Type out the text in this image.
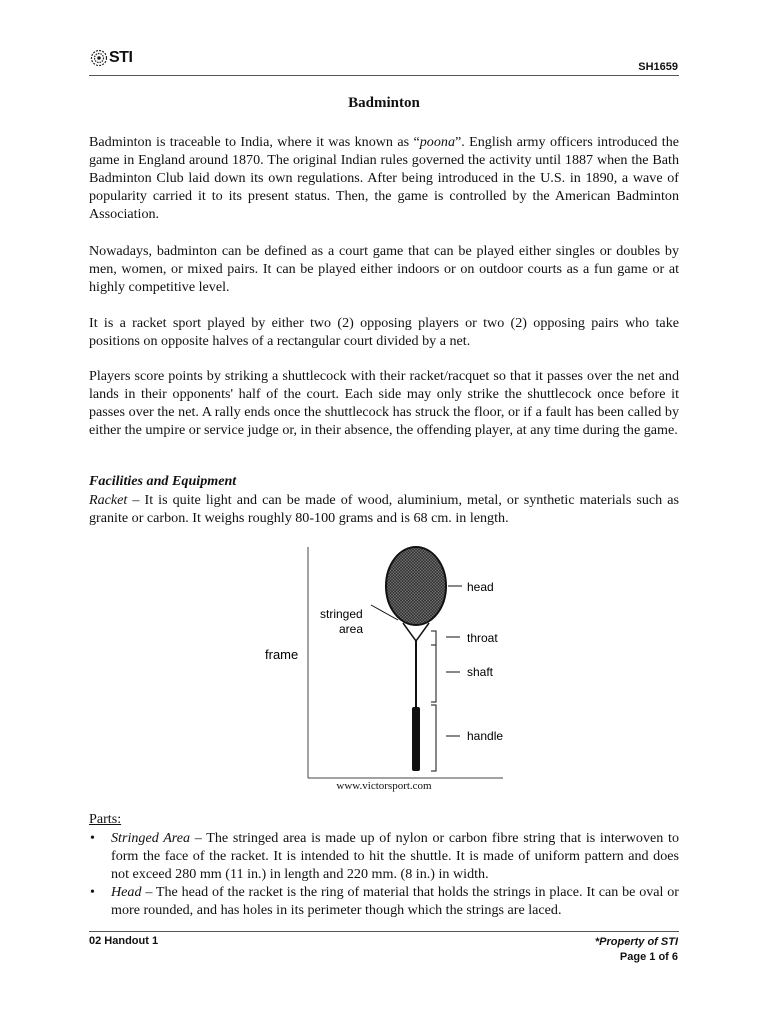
STI
SH1659
Badminton
Badminton is traceable to India, where it was known as “poona”. English army officers introduced the game in England around 1870. The original Indian rules governed the activity until 1887 when the Bath Badminton Club laid down its own regulations. After being introduced in the U.S. in 1890, a wave of popularity carried it to its present status. Then, the game is controlled by the American Badminton Association.
Nowadays, badminton can be defined as a court game that can be played either singles or doubles by men, women, or mixed pairs. It can be played either indoors or on outdoor courts as a fun game or at highly competitive level.
It is a racket sport played by either two (2) opposing players or two (2) opposing pairs who take positions on opposite halves of a rectangular court divided by a net.
Players score points by striking a shuttlecock with their racket/racquet so that it passes over the net and lands in their opponents' half of the court. Each side may only strike the shuttlecock once before it passes over the net. A rally ends once the shuttlecock has struck the floor, or if a fault has been called by either the umpire or service judge or, in their absence, the offending player, at any time during the game.
Facilities and Equipment
Racket – It is quite light and can be made of wood, aluminium, metal, or synthetic materials such as granite or carbon. It weighs roughly 80-100 grams and is 68 cm. in length.
head
stringed
area
throat
frame
shaft
handle
www.victorsport.com
Parts:
• Stringed Area – The stringed area is made up of nylon or carbon fibre string that is interwoven to form the face of the racket. It is intended to hit the shuttle. It is made of uniform pattern and does not exceed 280 mm (11 in.) in length and 220 mm. (8 in.) in width.
• Head – The head of the racket is the ring of material that holds the strings in place. It can be oval or more rounded, and has holes in its perimeter though which the strings are laced.
02 Handout 1	*Property of STI
Page 1 of 6
